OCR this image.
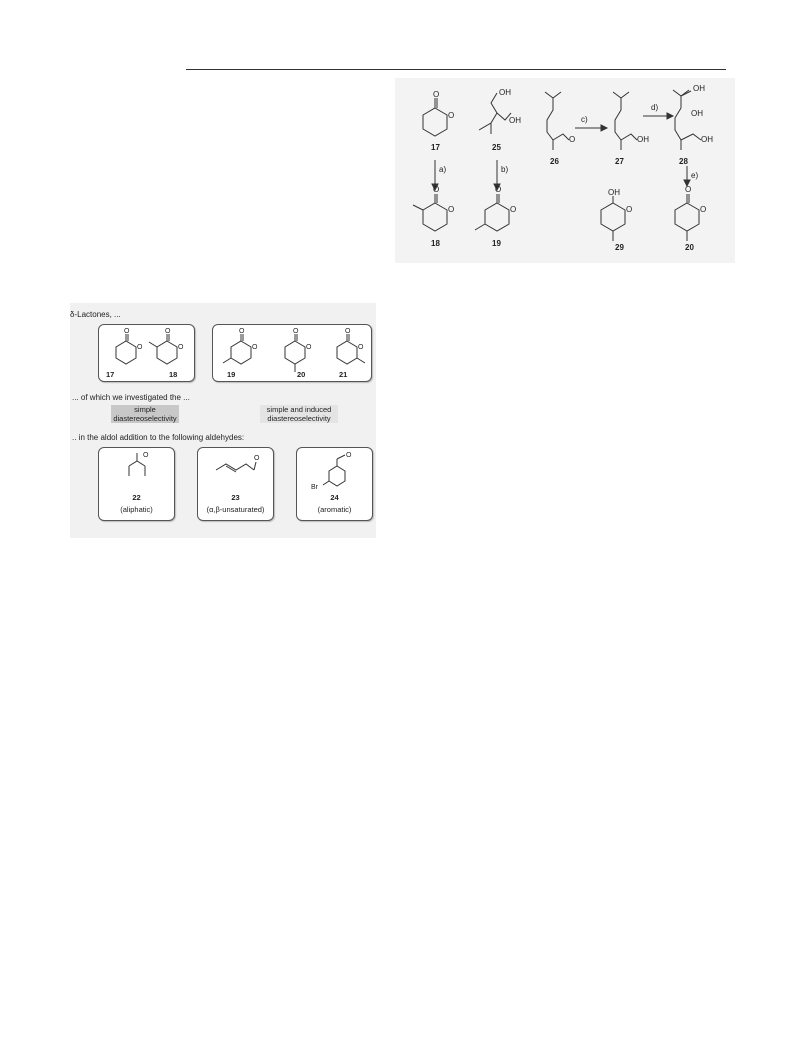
O
O
OH
OH
O	OH
OH
OH
OH
O
O
O
O
OH
O
O
O
a)	b)
c)
d)
e)
17	25
26	27	28
18	19	29	20
δ-Lactones, ...
O
O
O
O
17	18
O
O
O
O
O
O
19	20	21
... of which we investigated the ...
simple
diastereoselectivity
simple and induced
diastereoselectivity
.. in the aldol addition to the following aldehydes:
O
22
(aliphatic)
O
23
(α,β-unsaturated)
O
Br
24
(aromatic)
